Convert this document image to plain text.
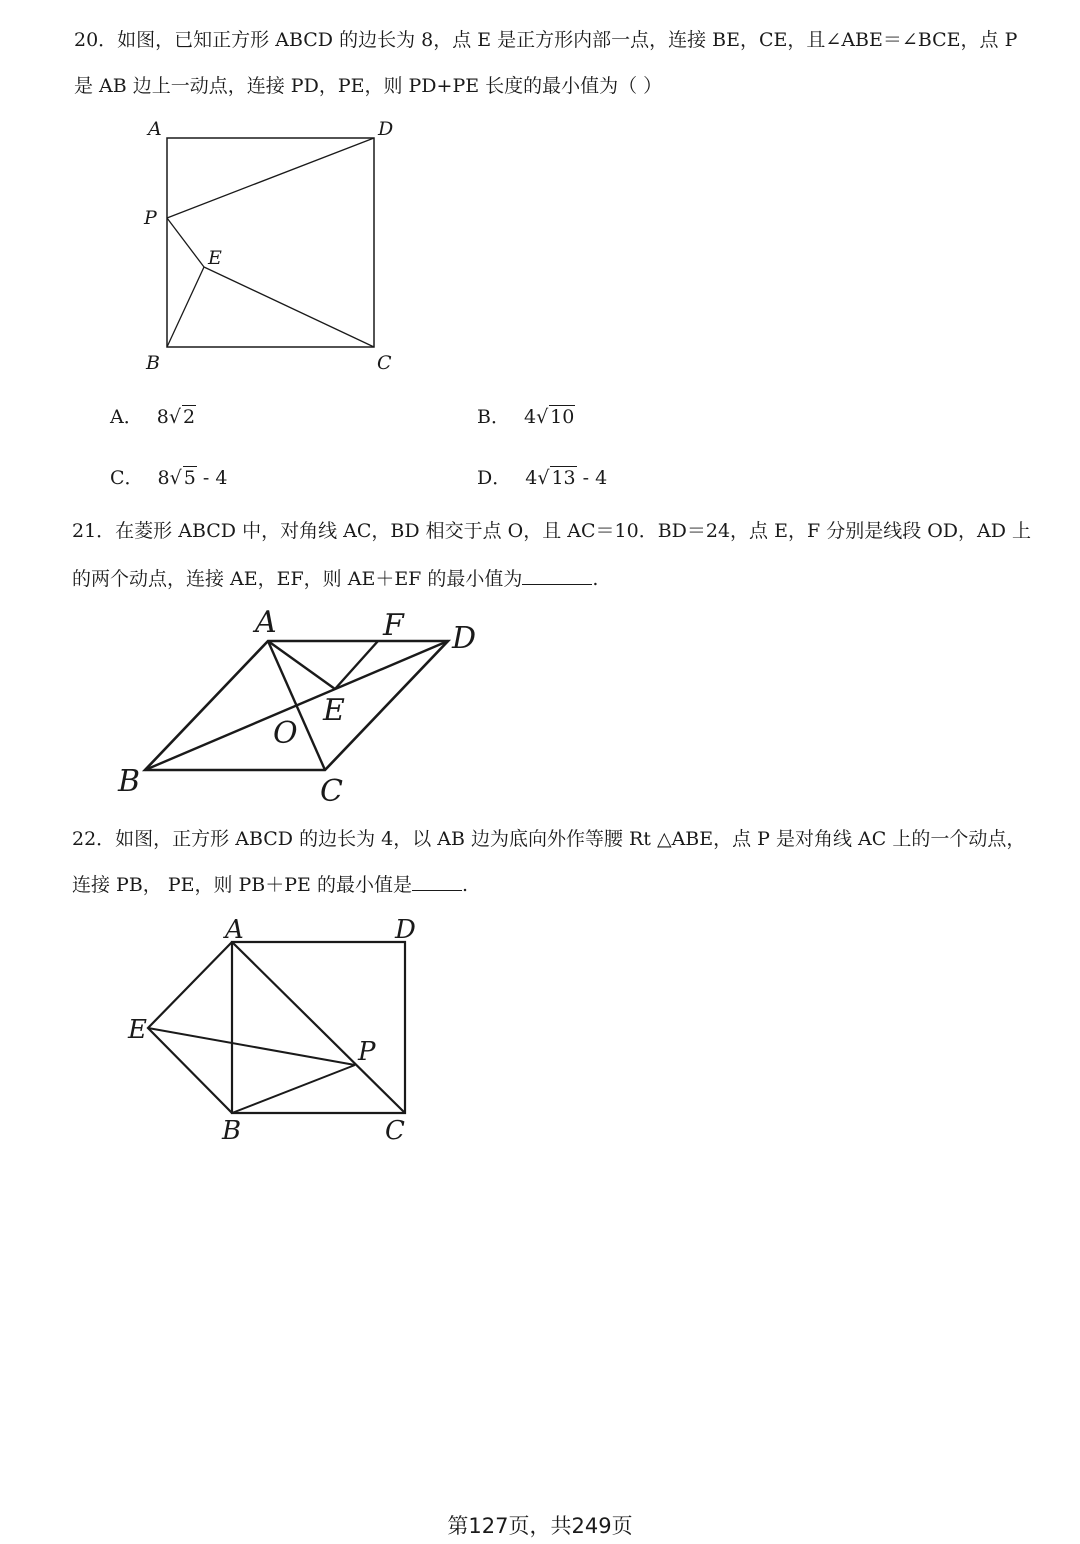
20．如图，已知正方形 ABCD 的边长为 8，点 E 是正方形内部一点，连接 BE，CE，且∠ABE＝∠BCE，点 P
是 AB 边上一动点，连接 PD，PE，则 PD+PE 长度的最小值为（ ）
A	D
P
E
B	C
A． 8√ 2	B． 4√ 10
C． 8√ 5 - 4	D． 4√ 13 - 4
21．在菱形 ABCD 中，对角线 AC，BD 相交于点 O，且 AC＝10．BD＝24，点 E，F 分别是线段 OD，AD 上
的两个动点，连接 AE，EF，则 AE＋EF 的最小值为	.
A	F D
E
O
B	C
22．如图，正方形 ABCD 的边长为 4，以 AB 边为底向外作等腰 Rt △ABE，点 P 是对角线 AC 上的一个动点，
连接 PB， PE，则 PB＋PE 的最小值是	.
A	D
E
P
B	C
第127页，共249页
